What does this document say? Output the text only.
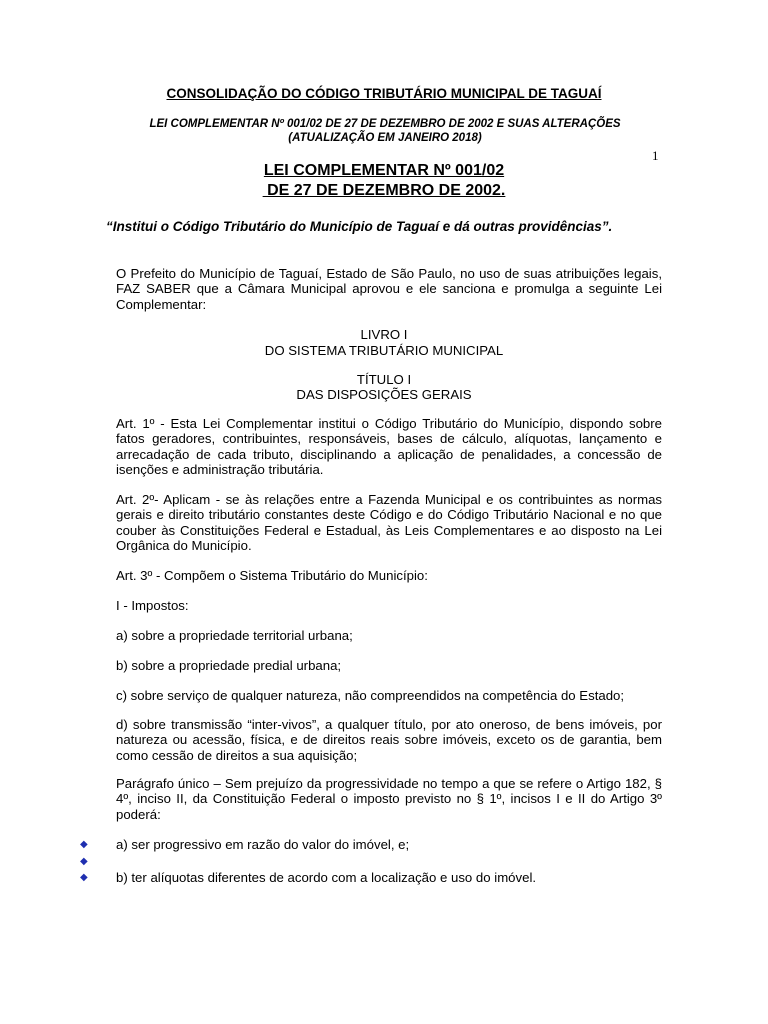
CONSOLIDAÇÃO DO CÓDIGO TRIBUTÁRIO MUNICIPAL DE TAGUAÍ
LEI COMPLEMENTAR Nº 001/02 DE 27 DE DEZEMBRO DE 2002 E SUAS ALTERAÇÕES
(ATUALIZAÇÃO EM JANEIRO 2018)
1
LEI COMPLEMENTAR Nº 001/02
DE 27 DE DEZEMBRO DE 2002.
“Institui o Código Tributário do Município de Taguaí e dá outras providências”.
O Prefeito do Município de Taguaí, Estado de São Paulo, no uso de suas atribuições legais, FAZ SABER que a Câmara Municipal aprovou e ele sanciona e promulga a seguinte Lei Complementar:
LIVRO I
DO SISTEMA TRIBUTÁRIO MUNICIPAL
TÍTULO I
DAS DISPOSIÇÕES GERAIS
Art. 1º - Esta Lei Complementar institui o Código Tributário do Município, dispondo sobre fatos geradores, contribuintes, responsáveis, bases de cálculo, alíquotas, lançamento e arrecadação de cada tributo, disciplinando a aplicação de penalidades, a concessão de isenções e administração tributária.
Art. 2º- Aplicam - se às relações entre a Fazenda Municipal e os contribuintes as normas gerais e direito tributário constantes deste Código e do Código Tributário Nacional e no que couber às Constituições Federal e Estadual, às Leis Complementares e ao disposto na Lei Orgânica do Município.
Art. 3º - Compõem o Sistema Tributário do Município:
I - Impostos:
a) sobre a propriedade territorial urbana;
b) sobre a propriedade predial urbana;
c) sobre serviço de qualquer natureza, não compreendidos na competência do Estado;
d) sobre transmissão “inter-vivos”, a qualquer título, por ato oneroso, de bens imóveis, por natureza ou acessão, física, e de direitos reais sobre imóveis, exceto os de garantia, bem como cessão de direitos a sua aquisição;
Parágrafo único – Sem prejuízo da progressividade no tempo a que se refere o Artigo 182, § 4º, inciso II, da Constituição Federal o imposto previsto no § 1º, incisos I e II do Artigo 3º poderá:
◆ a) ser progressivo em razão do valor do imóvel, e;
◆
◆ b) ter alíquotas diferentes de acordo com a localização e uso do imóvel.
